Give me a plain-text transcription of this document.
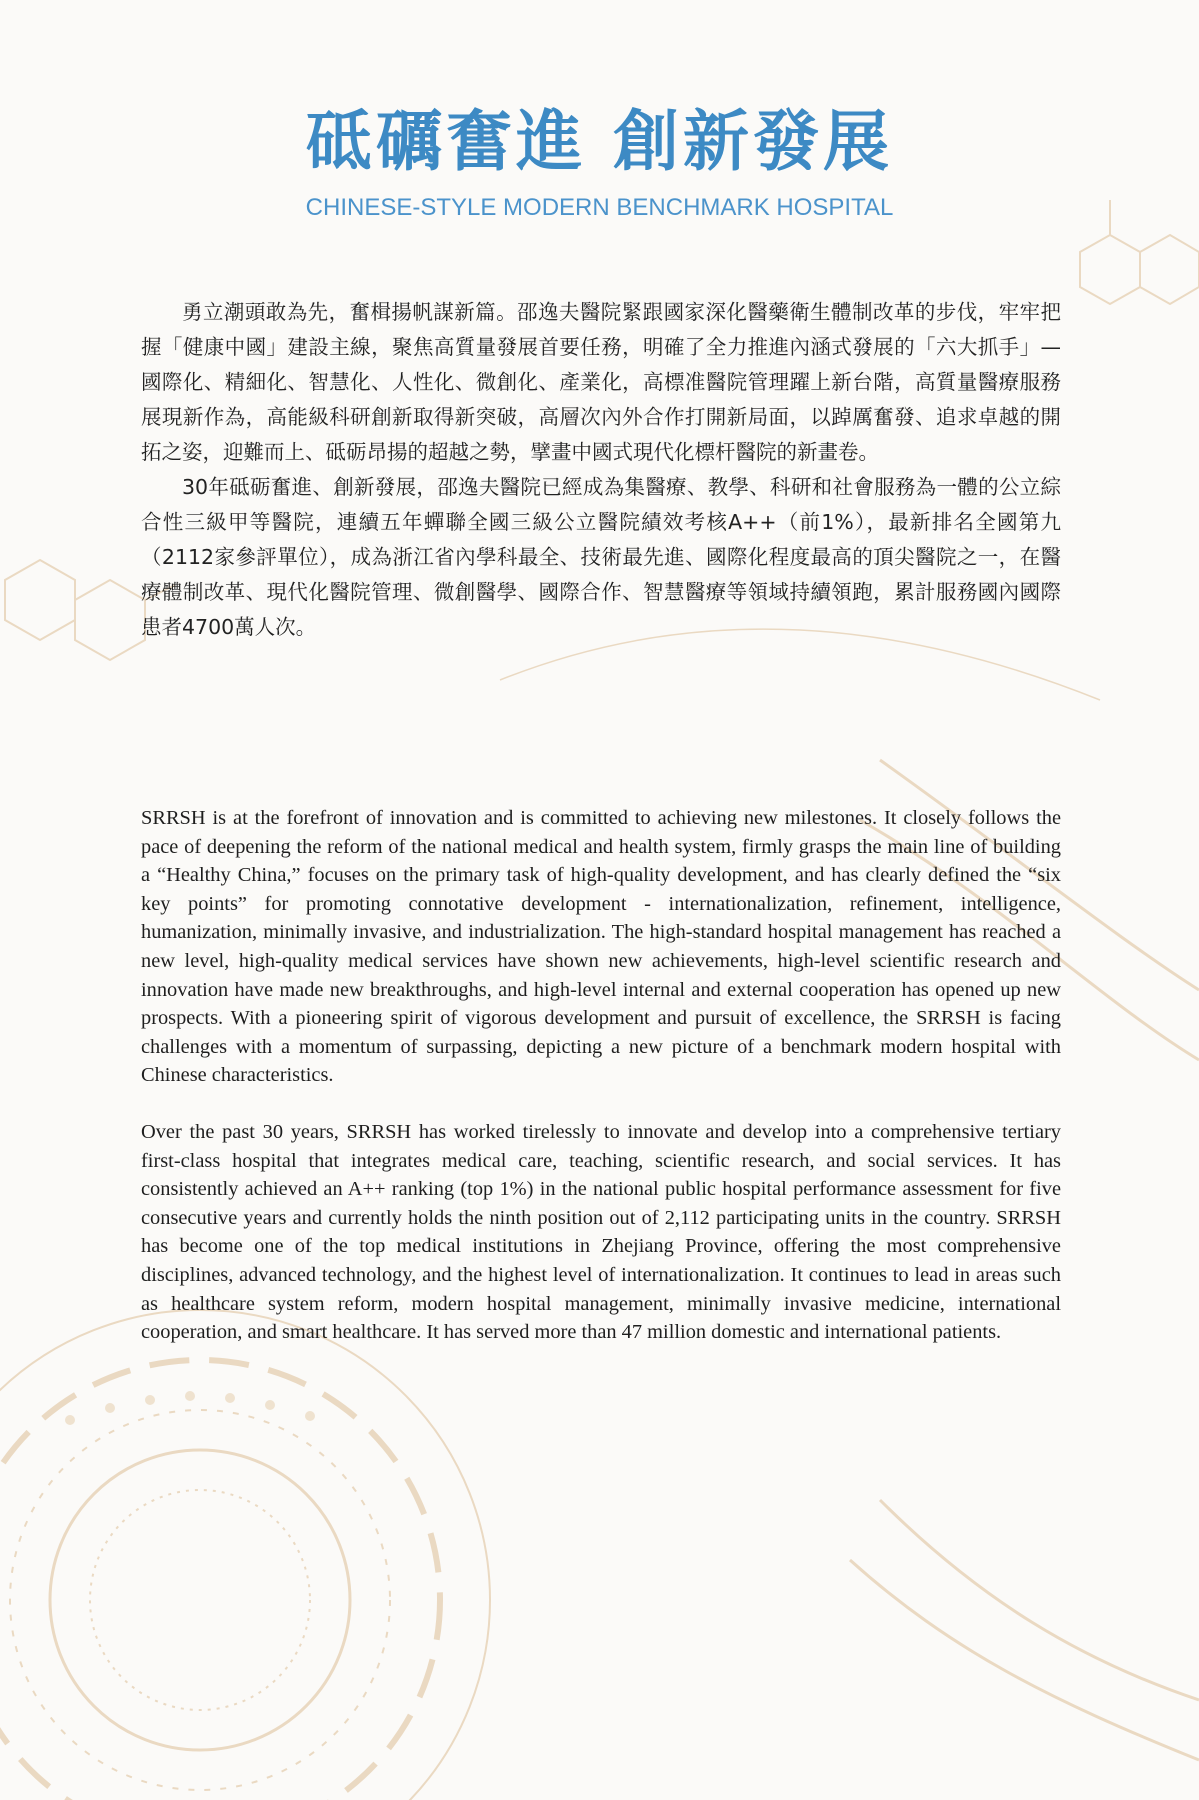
砥礪奮進 創新發展
CHINESE-STYLE MODERN BENCHMARK HOSPITAL

勇立潮頭敢為先，奮楫揚帆謀新篇。邵逸夫醫院緊跟國家深化醫藥衛生體制改革的步伐，牢牢把握「健康中國」建設主線，聚焦高質量發展首要任務，明確了全力推進內涵式發展的「六大抓手」—國際化、精細化、智慧化、人性化、微創化、產業化，高標准醫院管理躍上新台階，高質量醫療服務展現新作為，高能級科研創新取得新突破，高層次內外合作打開新局面，以踔厲奮發、追求卓越的開拓之姿，迎難而上、砥砺昂揚的超越之勢，擘畫中國式現代化標杆醫院的新畫卷。

30年砥砺奮進、創新發展，邵逸夫醫院已經成為集醫療、教學、科研和社會服務為一體的公立綜合性三級甲等醫院，連續五年蟬聯全國三級公立醫院績效考核A++（前1%），最新排名全國第九（2112家參評單位），成為浙江省內學科最全、技術最先進、國際化程度最高的頂尖醫院之一，在醫療體制改革、現代化醫院管理、微創醫學、國際合作、智慧醫療等領域持續領跑，累計服務國內國際患者4700萬人次。

SRRSH is at the forefront of innovation and is committed to achieving new milestones. It closely follows the pace of deepening the reform of the national medical and health system, firmly grasps the main line of building a “Healthy China,” focuses on the primary task of high-quality development, and has clearly defined the “six key points” for promoting connotative development - internationalization, refinement, intelligence, humanization, minimally invasive, and industrialization. The high-standard hospital management has reached a new level, high-quality medical services have shown new achievements, high-level scientific research and innovation have made new breakthroughs, and high-level internal and external cooperation has opened up new prospects. With a pioneering spirit of vigorous development and pursuit of excellence, the SRRSH is facing challenges with a momentum of surpassing, depicting a new picture of a benchmark modern hospital with Chinese characteristics.

Over the past 30 years, SRRSH has worked tirelessly to innovate and develop into a comprehensive tertiary first-class hospital that integrates medical care, teaching, scientific research, and social services. It has consistently achieved an A++ ranking (top 1%) in the national public hospital performance assessment for five consecutive years and currently holds the ninth position out of 2,112 participating units in the country. SRRSH has become one of the top medical institutions in Zhejiang Province, offering the most comprehensive disciplines, advanced technology, and the highest level of internationalization. It continues to lead in areas such as healthcare system reform, modern hospital management, minimally invasive medicine, international cooperation, and smart healthcare. It has served more than 47 million domestic and international patients.
